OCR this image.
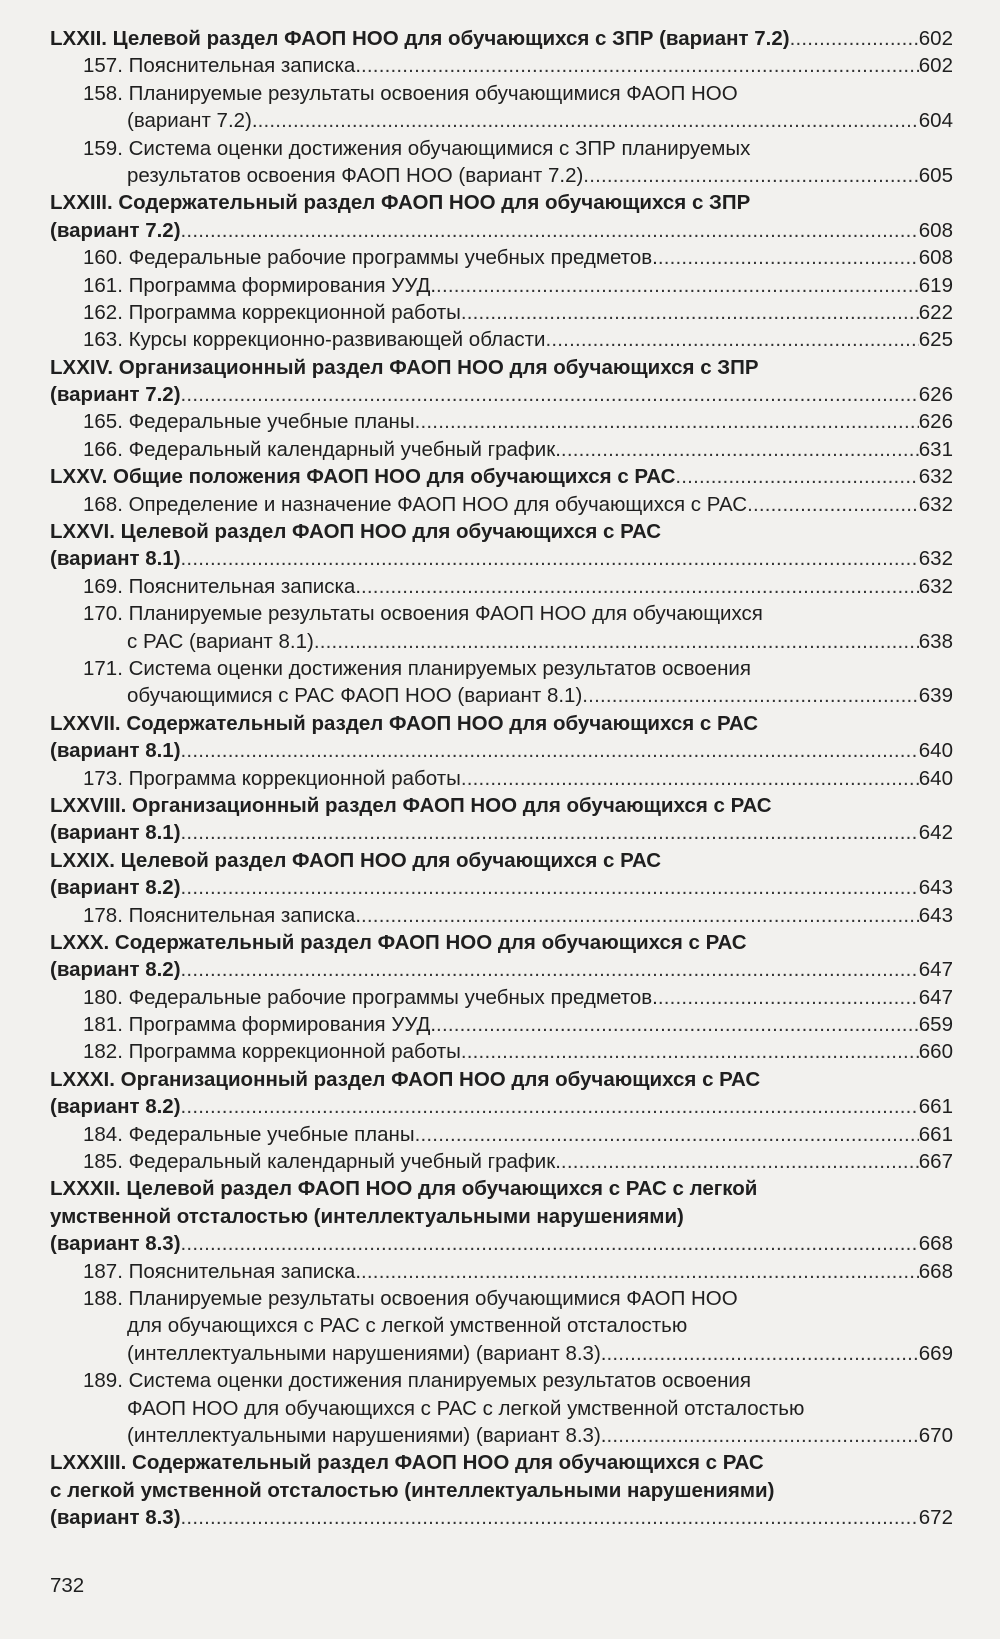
LXXII. Целевой раздел ФАОП НОО для обучающихся с ЗПР (вариант 7.2) .....	602
157. Пояснительная записка. .....	602
158. Планируемые результаты освоения обучающимися ФАОП НОО
(вариант 7.2). .....	604
159. Система оценки достижения обучающимися с ЗПР планируемых
результатов освоения ФАОП НОО (вариант 7.2) .....	605
LXXIII. Содержательный раздел ФАОП НОО для обучающихся с ЗПР
(вариант 7.2) .....	608
160. Федеральные рабочие программы учебных предметов. .....	608
161. Программа формирования УУД. .....	619
162. Программа коррекционной работы .....	622
163. Курсы коррекционно-развивающей области .....	625
LXXIV. Организационный раздел ФАОП НОО для обучающихся с ЗПР
(вариант 7.2) .....	626
165. Федеральные учебные планы .....	626
166. Федеральный календарный учебный график. .....	631
LXXV. Общие положения ФАОП НОО для обучающихся с РАС .....	632
168. Определение и назначение ФАОП НОО для обучающихся с РАС .....	632
LXXVI. Целевой раздел ФАОП НОО для обучающихся с РАС
(вариант 8.1) .....	632
169. Пояснительная записка. .....	632
170. Планируемые результаты освоения ФАОП НОО для обучающихся
с РАС (вариант 8.1) .....	638
171. Система оценки достижения планируемых результатов освоения
обучающимися с РАС ФАОП НОО (вариант 8.1) .....	639
LXXVII. Содержательный раздел ФАОП НОО для обучающихся с РАС
(вариант 8.1) .....	640
173. Программа коррекционной работы .....	640
LXXVIII. Организационный раздел ФАОП НОО для обучающихся с РАС
(вариант 8.1) .....	642
LXXIX. Целевой раздел ФАОП НОО для обучающихся с РАС
(вариант 8.2) .....	643
178. Пояснительная записка. .....	643
LXXX. Содержательный раздел ФАОП НОО для обучающихся с РАС
(вариант 8.2) .....	647
180. Федеральные рабочие программы учебных предметов. .....	647
181. Программа формирования УУД. .....	659
182. Программа коррекционной работы .....	660
LXXXI. Организационный раздел ФАОП НОО для обучающихся с РАС
(вариант 8.2) .....	661
184. Федеральные учебные планы .....	661
185. Федеральный календарный учебный график. .....	667
LXXXII. Целевой раздел ФАОП НОО для обучающихся с РАС с легкой
умственной отсталостью (интеллектуальными нарушениями)
(вариант 8.3) .....	668
187. Пояснительная записка. .....	668
188. Планируемые результаты освоения обучающимися ФАОП НОО
для обучающихся с РАС с легкой умственной отсталостью
(интеллектуальными нарушениями) (вариант 8.3). .....	669
189. Система оценки достижения планируемых результатов освоения
ФАОП НОО для обучающихся с РАС с легкой умственной отсталостью
(интеллектуальными нарушениями) (вариант 8.3). .....	670
LXXXIII. Содержательный раздел ФАОП НОО для обучающихся с РАС
с легкой умственной отсталостью (интеллектуальными нарушениями)
(вариант 8.3) .....	672
732
